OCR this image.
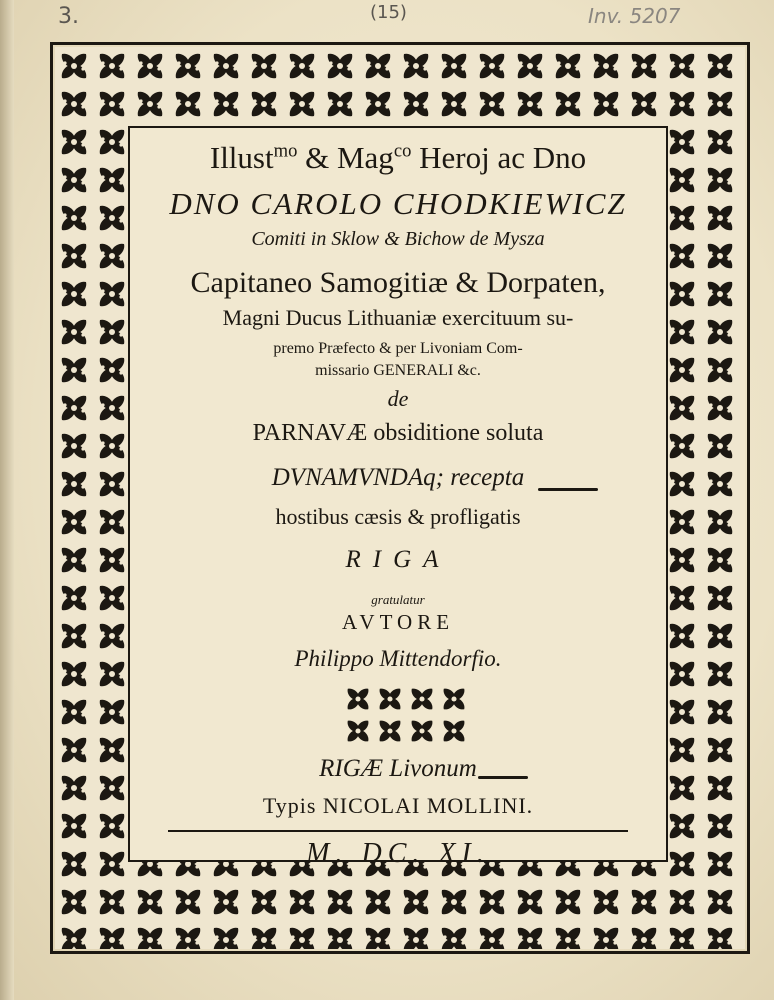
3.	(15)	Inv. 5207
Illust$^{mo}$ & Mag$^{co}$ Heroj ac Dno
DNO CAROLO CHODKIEWICZ
Comiti in Sklow & Bichow de Mysza
Capitaneo Samogitiæ & Dorpaten,
Magni Ducus Lithuaniæ exercituum su-
premo Præfecto & per Livoniam Com-
missario GENERALI &c.
de
PARNAVÆ obsiditione soluta
DVNAMVNDAq; recepta
hostibus cæsis & profligatis
RIGA
gratulatur
AVTORE
Philippo Mittendorfio.
RIGÆ Livonum
Typis NICOLAI MOLLINI.
M. DC. XI.
